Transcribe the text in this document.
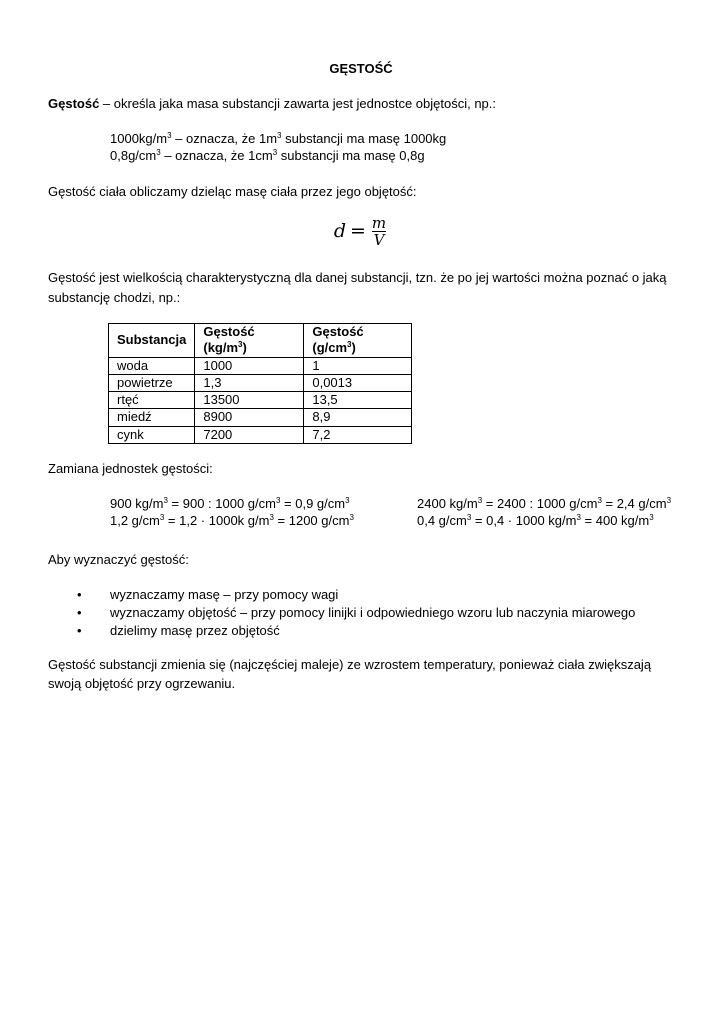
GĘSTOŚĆ

Gęstość – określa jaka masa substancji zawarta jest jednostce objętości, np.:

$1000kg/m^3$ – oznacza, że $1m^3$ substancji ma masę 1000kg
$0,8g/cm^3$ – oznacza, że $1cm^3$ substancji ma masę 0,8g

Gęstość ciała obliczamy dzieląc masę ciała przez jego objętość:

$d = \frac{m}{V}$

Gęstość jest wielkością charakterystyczną dla danej substancji, tzn. że po jej wartości można poznać o jaką substancję chodzi, np.:

Substancja	Gęstość $(kg/m^3)$	Gęstość $(g/cm^3)$
woda	1000	1
powietrze	1,3	0,0013
rtęć	13500	13,5
miedź	8900	8,9
cynk	7200	7,2

Zamiana jednostek gęstości:

900 $kg/m^3 = 900$ : 1000 $g/cm^3 = 0,9$ $g/cm^3$
1,2 $g/cm^3 = 1,2 \cdot 1000k$ $g/m^3 = 1200$ $g/cm^3$
2400 $kg/m^3 = 2400$ : 1000 $g/cm^3 = 2,4$ $g/cm^3$
0,4 $g/cm^3 = 0,4 \cdot 1000$ $kg/m^3 = 400$ $kg/m^3$

Aby wyznaczyć gęstość:

• wyznaczamy masę – przy pomocy wagi
• wyznaczamy objętość – przy pomocy linijki i odpowiedniego wzoru lub naczynia miarowego
• dzielimy masę przez objętość

Gęstość substancji zmienia się (najczęściej maleje) ze wzrostem temperatury, ponieważ ciała zwiększają swoją objętość przy ogrzewaniu.
